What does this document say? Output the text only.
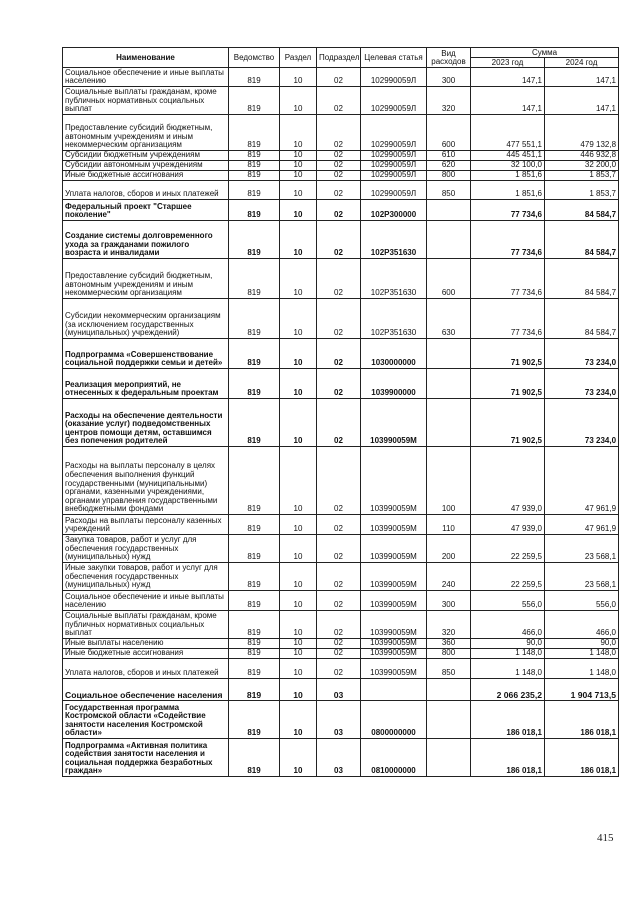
Наименование	Ведомство	Раздел	Подраздел	Целевая статья	Вид расходов	Сумма	
						2023 год	2024 год
Социальное обеспечение и иные выплаты населению	819	10	02	102990059Л	300	147,1	147,1
Социальные выплаты гражданам, кроме публичных нормативных социальных выплат	819	10	02	102990059Л	320	147,1	147,1
Предоставление субсидий бюджетным, автономным учреждениям и иным некоммерческим организациям	819	10	02	102990059Л	600	477 551,1	479 132,8
Субсидии бюджетным учреждениям	819	10	02	102990059Л	610	445 451,1	446 932,8
Субсидии автономным учреждениям	819	10	02	102990059Л	620	32 100,0	32 200,0
Иные бюджетные ассигнования	819	10	02	102990059Л	800	1 851,6	1 853,7
Уплата налогов, сборов и иных платежей	819	10	02	102990059Л	850	1 851,6	1 853,7
Федеральный проект "Старшее поколение"	819	10	02	102P300000		77 734,6	84 584,7
Создание системы долговременного ухода за гражданами пожилого возраста и инвалидами	819	10	02	102P351630		77 734,6	84 584,7
Предоставление субсидий бюджетным, автономным учреждениям и иным некоммерческим организациям	819	10	02	102P351630	600	77 734,6	84 584,7
Субсидии некоммерческим организациям (за исключением государственных (муниципальных) учреждений)	819	10	02	102P351630	630	77 734,6	84 584,7
Подпрограмма «Совершенствование социальной поддержки семьи и детей»	819	10	02	1030000000		71 902,5	73 234,0
Реализация мероприятий, не отнесенных к федеральным проектам	819	10	02	1039900000		71 902,5	73 234,0
Расходы на обеспечение деятельности (оказание услуг) подведомственных центров помощи детям, оставшимся без попечения родителей	819	10	02	103990059M		71 902,5	73 234,0
Расходы на выплаты персоналу в целях обеспечения выполнения функций государственными (муниципальными) органами, казенными учреждениями, органами управления государственными внебюджетными фондами	819	10	02	103990059M	100	47 939,0	47 961,9
Расходы на выплаты персоналу казенных учреждений	819	10	02	103990059M	110	47 939,0	47 961,9
Закупка товаров, работ и услуг для обеспечения государственных (муниципальных) нужд	819	10	02	103990059M	200	22 259,5	23 568,1
Иные закупки товаров, работ и услуг для обеспечения государственных (муниципальных) нужд	819	10	02	103990059M	240	22 259,5	23 568,1
Социальное обеспечение и иные выплаты населению	819	10	02	103990059M	300	556,0	556,0
Социальные выплаты гражданам, кроме публичных нормативных социальных выплат	819	10	02	103990059M	320	466,0	466,0
Иные выплаты населению	819	10	02	103990059M	360	90,0	90,0
Иные бюджетные ассигнования	819	10	02	103990059M	800	1 148,0	1 148,0
Уплата налогов, сборов и иных платежей	819	10	02	103990059M	850	1 148,0	1 148,0
Социальное обеспечение населения	819	10	03			2 066 235,2	1 904 713,5
Государственная программа Костромской области «Содействие занятости населения Костромской области»	819	10	03	0800000000		186 018,1	186 018,1
Подпрограмма «Активная политика содействия занятости населения и социальная поддержка безработных граждан»	819	10	03	0810000000		186 018,1	186 018,1
415
